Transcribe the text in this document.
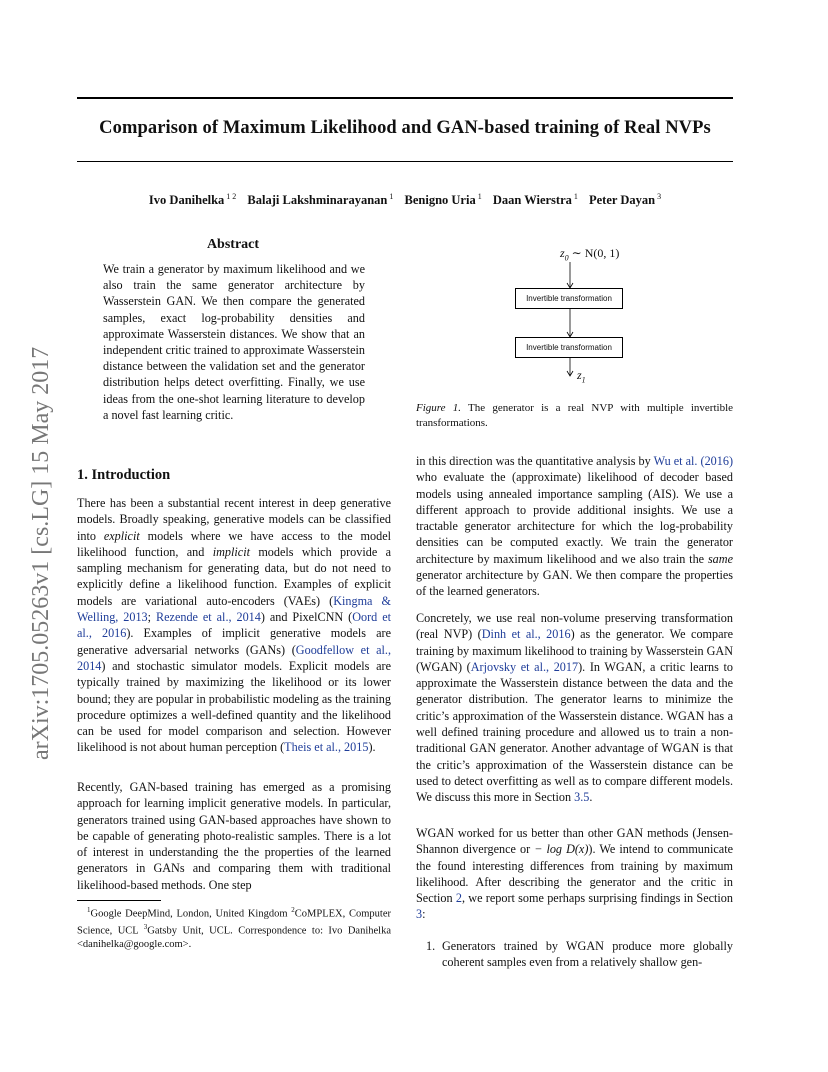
Comparison of Maximum Likelihood and GAN-based training of Real NVPs
Ivo Danihelka $^{1 2}$ Balaji Lakshminarayanan $^1$ Benigno Uria $^1$ Daan Wierstra $^1$ Peter Dayan $^3$
arXiv:1705.05263v1 [cs.LG] 15 May 2017
Abstract
We train a generator by maximum likelihood and we also train the same generator architecture by Wasserstein GAN. We then compare the generated samples, exact log-probability densities and approximate Wasserstein distances. We show that an independent critic trained to approximate Wasserstein distance between the validation set and the generator distribution helps detect overfitting. Finally, we use ideas from the one-shot learning literature to develop a novel fast learning critic.
1. Introduction

There has been a substantial recent interest in deep generative models. Broadly speaking, generative models can be classified into explicit models where we have access to the model likelihood function, and implicit models which provide a sampling mechanism for generating data, but do not need to explicitly define a likelihood function. Examples of explicit models are variational auto-encoders (VAEs) (Kingma & Welling, 2013; Rezende et al., 2014) and PixelCNN (Oord et al., 2016). Examples of implicit generative models are generative adversarial networks (GANs) (Goodfellow et al., 2014) and stochastic simulator models. Explicit models are typically trained by maximizing the likelihood or its lower bound; they are popular in probabilistic modeling as the training procedure optimizes a well-defined quantity and the likelihood can be used for model comparison and selection. However likelihood is not about human perception (Theis et al., 2015).

Recently, GAN-based training has emerged as a promising approach for learning implicit generative models. In particular, generators trained using GAN-based approaches have shown to be capable of generating photo-realistic samples. There is a lot of interest in understanding the the properties of the learned generators in GANs and comparing them with traditional likelihood-based methods. One step

$^1$Google DeepMind, London, United Kingdom $^2$CoMPLEX, Computer Science, UCL $^3$Gatsby Unit, UCL. Correspondence to: Ivo Danihelka <danihelka@google.com>.
$z_0$ ∼ N(0, 1)
Invertible transformation
Invertible transformation
$z_1$
Figure 1. The generator is a real NVP with multiple invertible transformations.

in this direction was the quantitative analysis by Wu et al. (2016) who evaluate the (approximate) likelihood of decoder based models using annealed importance sampling (AIS). We use a different approach to provide additional insights. We use a tractable generator architecture for which the log-probability densities can be computed exactly. We train the generator architecture by maximum likelihood and we also train the same generator architecture by GAN. We then compare the properties of the learned generators.

Concretely, we use real non-volume preserving transformation (real NVP) (Dinh et al., 2016) as the generator. We compare training by maximum likelihood to training by Wasserstein GAN (WGAN) (Arjovsky et al., 2017). In WGAN, a critic learns to approximate the Wasserstein distance between the data and the generator distribution. The generator learns to minimize the critic’s approximation of the Wasserstein distance. WGAN has a well defined training procedure and allowed us to train a non-traditional GAN generator. Another advantage of WGAN is that the critic’s approximation of the Wasserstein distance can be used to detect overfitting as well as to compare different models. We discuss this more in Section 3.5.

WGAN worked for us better than other GAN methods (Jensen-Shannon divergence or − log D(x)). We intend to communicate the found interesting differences from training by maximum likelihood. After describing the generator and the critic in Section 2, we report some perhaps surprising findings in Section 3:

1. Generators trained by WGAN produce more globally coherent samples even from a relatively shallow gen-
